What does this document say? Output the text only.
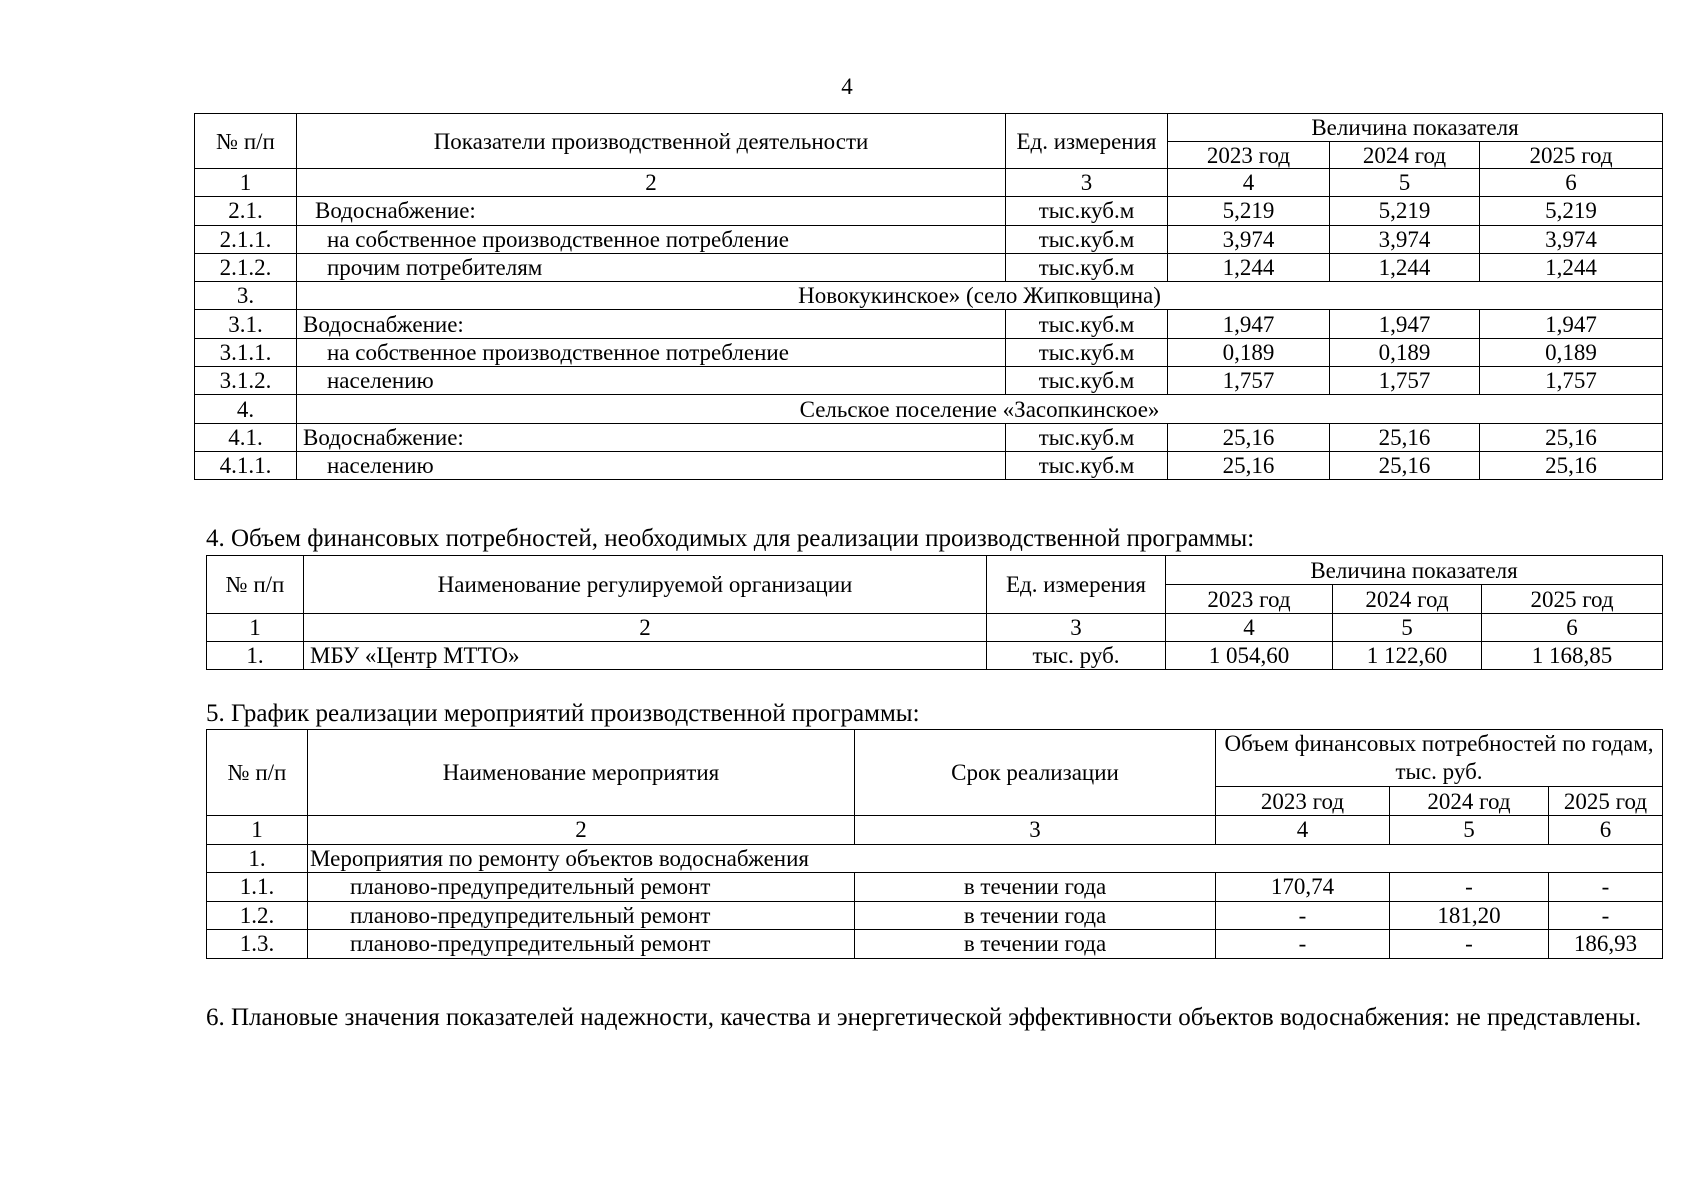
4
№ п/п	Показатели производственной деятельности	Ед. измерения	Величина показателя		
			2023 год	2024 год	2025 год
1	2	3	4	5	6
2.1.	Водоснабжение:	тыс.куб.м	5,219	5,219	5,219
2.1.1.	на собственное производственное потребление	тыс.куб.м	3,974	3,974	3,974
2.1.2.	прочим потребителям	тыс.куб.м	1,244	1,244	1,244
3.	Новокукинское» (село Жипковщина)				
3.1.	Водоснабжение:	тыс.куб.м	1,947	1,947	1,947
3.1.1.	на собственное производственное потребление	тыс.куб.м	0,189	0,189	0,189
3.1.2.	населению	тыс.куб.м	1,757	1,757	1,757
4.	Сельское поселение «Засопкинское»				
4.1.	Водоснабжение:	тыс.куб.м	25,16	25,16	25,16
4.1.1.	населению	тыс.куб.м	25,16	25,16	25,16
4. Объем финансовых потребностей, необходимых для реализации производственной программы:
№ п/п	Наименование регулируемой организации	Ед. измерения	Величина показателя		
			2023 год	2024 год	2025 год
1	2	3	4	5	6
1.	МБУ «Центр МТТО»	тыс. руб.	1 054,60	1 122,60	1 168,85
5. График реализации мероприятий производственной программы:
№ п/п	Наименование мероприятия	Срок реализации	Объем финансовых потребностей по годам, тыс. руб.		
			2023 год	2024 год	2025 год
1	2	3	4	5	6
1.	Мероприятия по ремонту объектов водоснабжения				
1.1.	планово-предупредительный ремонт	в течении года	170,74	-	-
1.2.	планово-предупредительный ремонт	в течении года	-	181,20	-
1.3.	планово-предупредительный ремонт	в течении года	-	-	186,93
6. Плановые значения показателей надежности, качества и энергетической эффективности объектов водоснабжения: не представлены.
